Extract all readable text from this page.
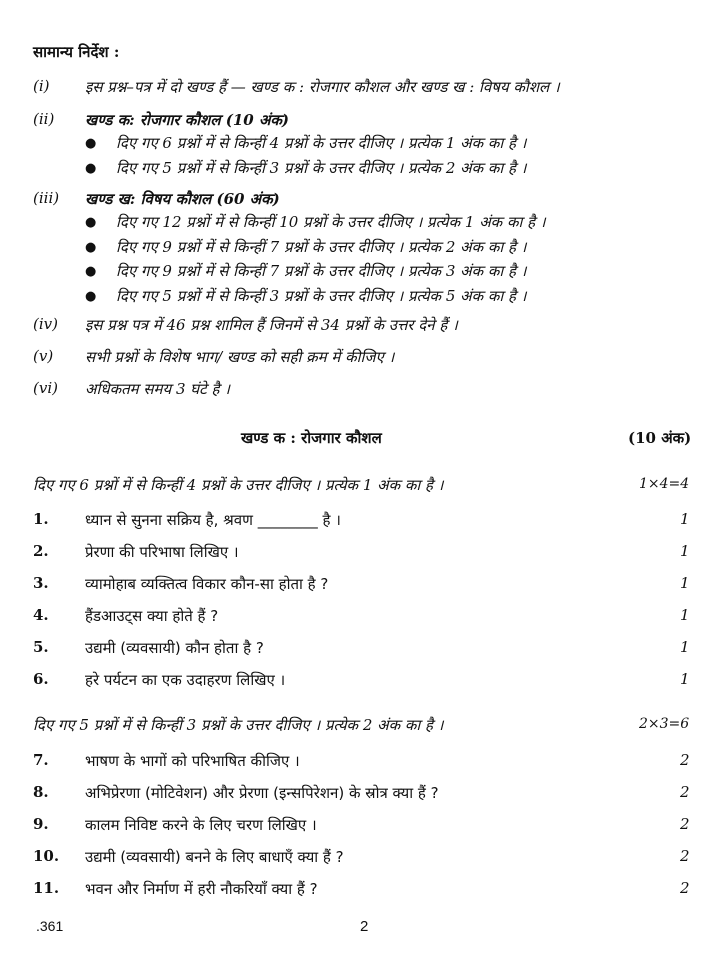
सामान्य निर्देश :
(i)	इस प्रश्न–पत्र में दो खण्ड हैं — खण्ड क : रोजगार कौशल और खण्ड ख : विषय कौशल ।
(ii)	खण्ड क: रोजगार कौशल (10 अंक)
● दिए गए 6 प्रश्नों में से किन्हीं 4 प्रश्नों के उत्तर दीजिए । प्रत्येक 1 अंक का है ।
● दिए गए 5 प्रश्नों में से किन्हीं 3 प्रश्नों के उत्तर दीजिए । प्रत्येक 2 अंक का है ।
(iii)	खण्ड ख: विषय कौशल (60 अंक)
● दिए गए 12 प्रश्नों में से किन्हीं 10 प्रश्नों के उत्तर दीजिए । प्रत्येक 1 अंक का है ।
● दिए गए 9 प्रश्नों में से किन्हीं 7 प्रश्नों के उत्तर दीजिए । प्रत्येक 2 अंक का है ।
● दिए गए 9 प्रश्नों में से किन्हीं 7 प्रश्नों के उत्तर दीजिए । प्रत्येक 3 अंक का है ।
● दिए गए 5 प्रश्नों में से किन्हीं 3 प्रश्नों के उत्तर दीजिए । प्रत्येक 5 अंक का है ।
(iv)	इस प्रश्न पत्र में 46 प्रश्न शामिल हैं जिनमें से 34 प्रश्नों के उत्तर देने हैं ।
(v)	सभी प्रश्नों के विशेष भाग/ खण्ड को सही क्रम में कीजिए ।
(vi)	अधिकतम समय 3 घंटे है ।
खण्ड क : रोजगार कौशल	(10 अंक)
दिए गए 6 प्रश्नों में से किन्हीं 4 प्रश्नों के उत्तर दीजिए । प्रत्येक 1 अंक का है ।	1×4=4
1. ध्यान से सुनना सक्रिय है, श्रवण ________ है ।	1
2. प्रेरणा की परिभाषा लिखिए ।	1
3. व्यामोहाब व्यक्तित्व विकार कौन-सा होता है ?	1
4. हैंडआउट्स क्या होते हैं ?	1
5. उद्यमी (व्यवसायी) कौन होता है ?	1
6. हरे पर्यटन का एक उदाहरण लिखिए ।	1
दिए गए 5 प्रश्नों में से किन्हीं 3 प्रश्नों के उत्तर दीजिए । प्रत्येक 2 अंक का है ।	2×3=6
7. भाषण के भागों को परिभाषित कीजिए ।	2
8. अभिप्रेरणा (मोटिवेशन) और प्रेरणा (इन्सपिरेशन) के स्रोत्र क्या हैं ?	2
9. कालम निविष्ट करने के लिए चरण लिखिए ।	2
10. उद्यमी (व्यवसायी) बनने के लिए बाधाएँ क्या हैं ?	2
11. भवन और निर्माण में हरी नौकरियाँ क्या हैं ?	2
.361	2
